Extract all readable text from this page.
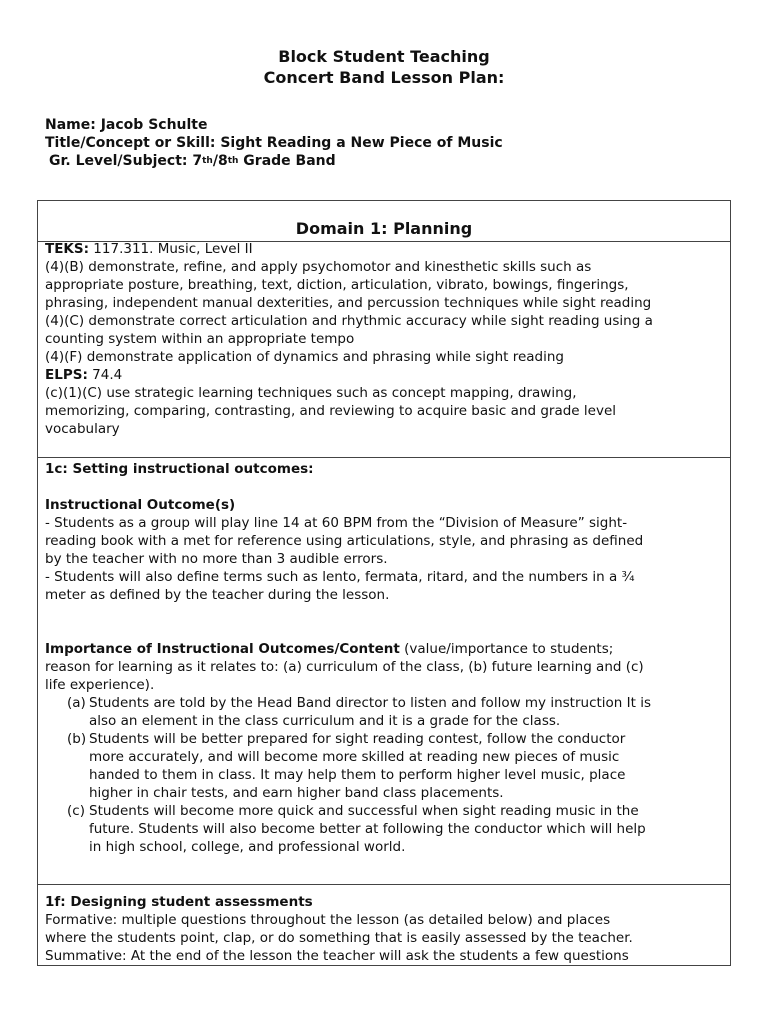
Block Student Teaching
Concert Band Lesson Plan:
Name: Jacob Schulte
Title/Concept or Skill: Sight Reading a New Piece of Music
Gr. Level/Subject: 7th/8th Grade Band
Domain 1: Planning
TEKS: 117.311. Music, Level II
(4)(B) demonstrate, refine, and apply psychomotor and kinesthetic skills such as
appropriate posture, breathing, text, diction, articulation, vibrato, bowings, fingerings,
phrasing, independent manual dexterities, and percussion techniques while sight reading
(4)(C) demonstrate correct articulation and rhythmic accuracy while sight reading using a
counting system within an appropriate tempo
(4)(F) demonstrate application of dynamics and phrasing while sight reading
ELPS: 74.4
(c)(1)(C) use strategic learning techniques such as concept mapping, drawing,
memorizing, comparing, contrasting, and reviewing to acquire basic and grade level
vocabulary
1c: Setting instructional outcomes:
Instructional Outcome(s)
- Students as a group will play line 14 at 60 BPM from the “Division of Measure” sight-
reading book with a met for reference using articulations, style, and phrasing as defined
by the teacher with no more than 3 audible errors.
- Students will also define terms such as lento, fermata, ritard, and the numbers in a ¾
meter as defined by the teacher during the lesson.
Importance of Instructional Outcomes/Content (value/importance to students;
reason for learning as it relates to: (a) curriculum of the class, (b) future learning and (c)
life experience).
(a) Students are told by the Head Band director to listen and follow my instruction It is
also an element in the class curriculum and it is a grade for the class.
(b) Students will be better prepared for sight reading contest, follow the conductor
more accurately, and will become more skilled at reading new pieces of music
handed to them in class. It may help them to perform higher level music, place
higher in chair tests, and earn higher band class placements.
(c) Students will become more quick and successful when sight reading music in the
future. Students will also become better at following the conductor which will help
in high school, college, and professional world.
1f: Designing student assessments
Formative: multiple questions throughout the lesson (as detailed below) and places
where the students point, clap, or do something that is easily assessed by the teacher.
Summative: At the end of the lesson the teacher will ask the students a few questions
